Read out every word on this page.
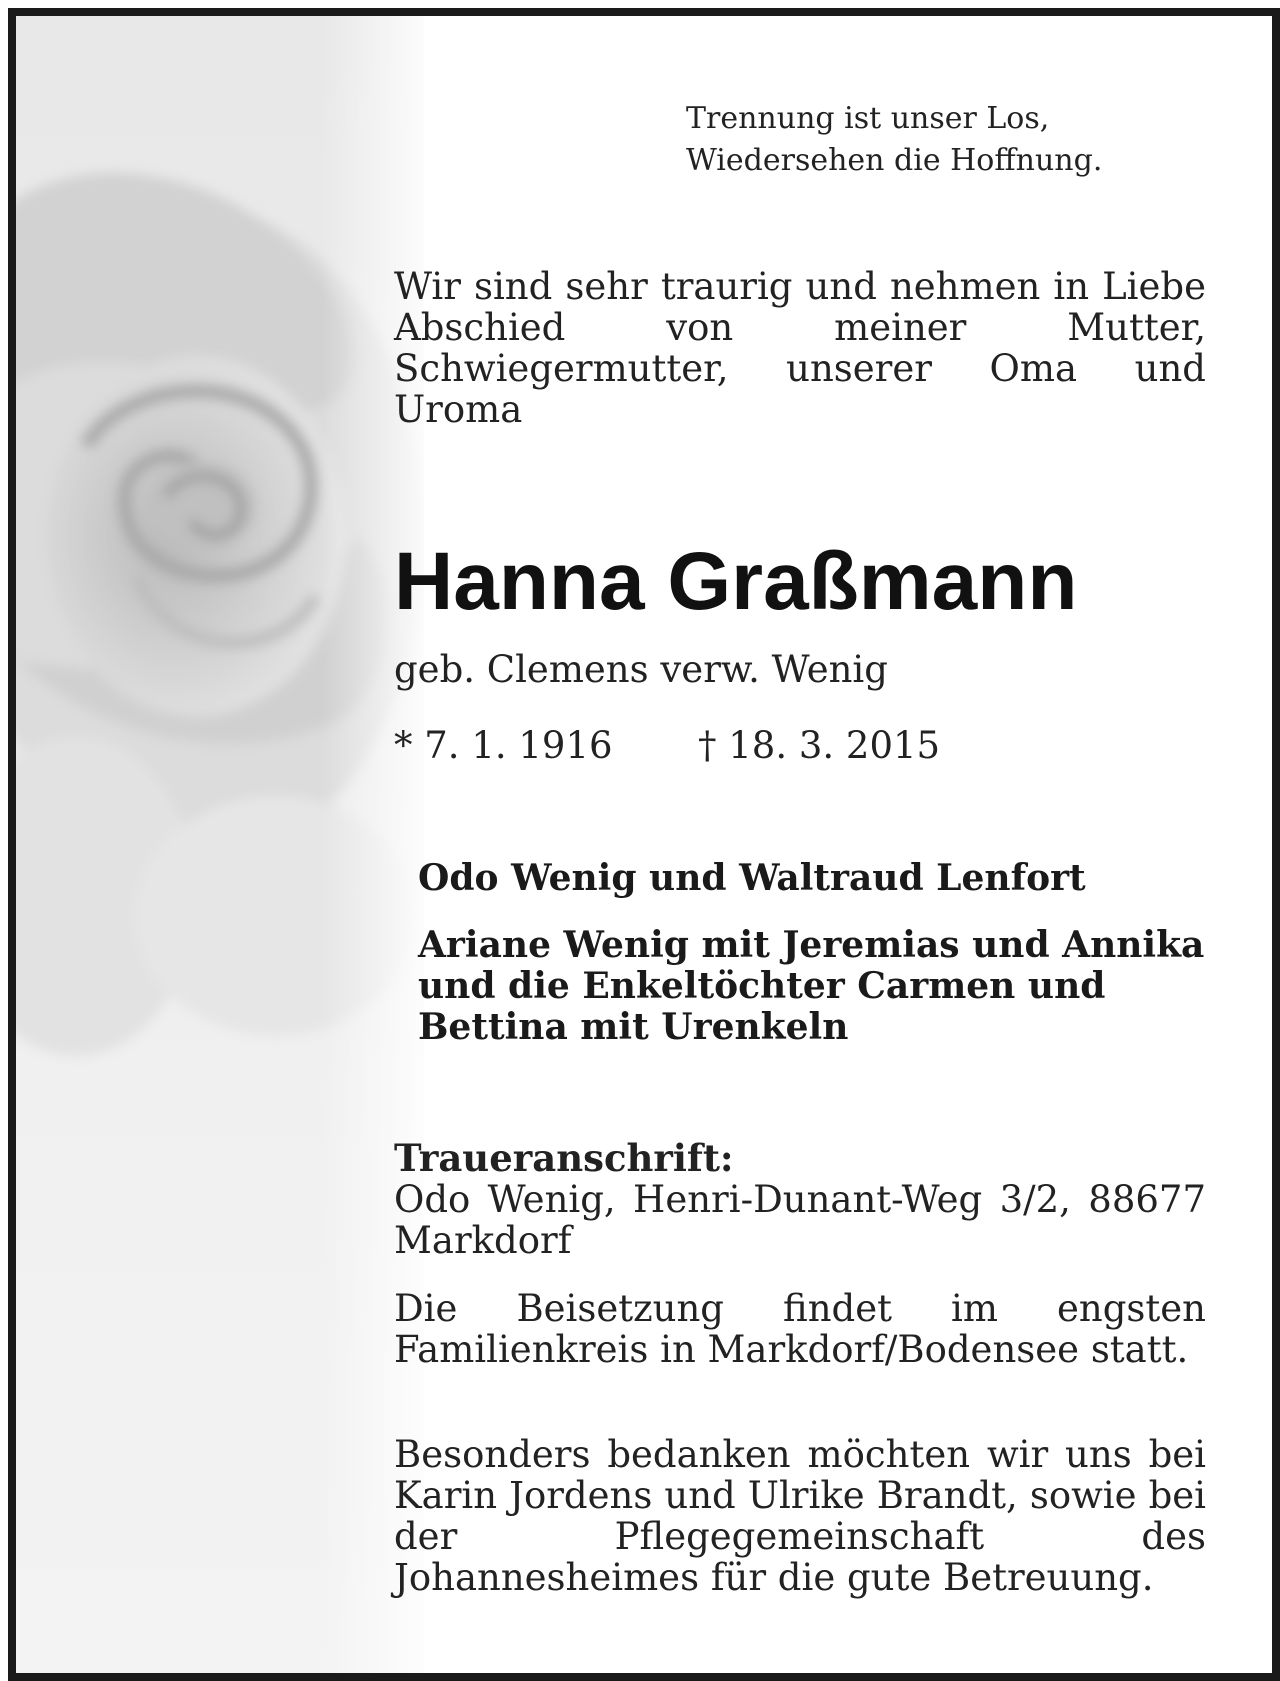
Trennung ist unser Los,
Wiedersehen die Hoffnung.
Wir sind sehr traurig und nehmen in Liebe Abschied von meiner Mutter, Schwiegermutter, unserer Oma und Uroma
Hanna Graßmann
geb. Clemens verw. Wenig
* 7. 1. 1916 † 18. 3. 2015
Odo Wenig und Waltraud Lenfort
Ariane Wenig mit Jeremias und Annika und die Enkeltöchter Carmen und Bettina mit Urenkeln
Traueranschrift:
Odo Wenig, Henri-Dunant-Weg 3/2, 88677 Markdorf
Die Beisetzung findet im engsten Familienkreis in Markdorf/Bodensee statt.
Besonders bedanken möchten wir uns bei Karin Jordens und Ulrike Brandt, sowie bei der Pflegegemeinschaft des Johannesheimes für die gute Betreuung.
